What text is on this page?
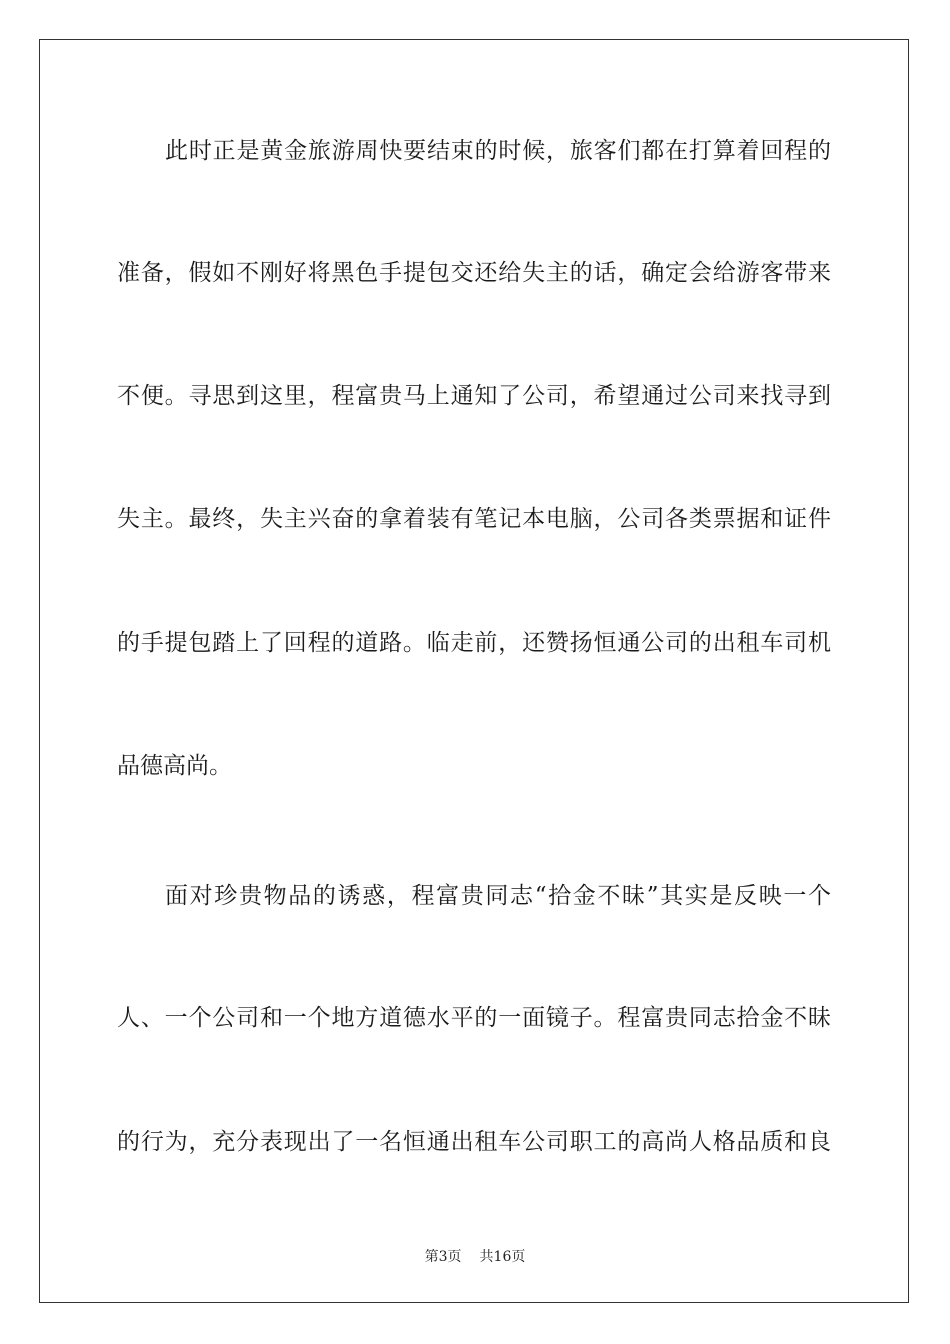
此时正是黄金旅游周快要结束的时候，旅客们都在打算着回程的
准备，假如不刚好将黑色手提包交还给失主的话，确定会给游客带来
不便。寻思到这里，程富贵马上通知了公司，希望通过公司来找寻到
失主。最终，失主兴奋的拿着装有笔记本电脑，公司各类票据和证件
的手提包踏上了回程的道路。临走前，还赞扬恒通公司的出租车司机
品德高尚。
面对珍贵物品的诱惑，程富贵同志“拾金不昧”其实是反映一个
人、一个公司和一个地方道德水平的一面镜子。程富贵同志拾金不昧
的行为，充分表现出了一名恒通出租车公司职工的高尚人格品质和良
第3页 共16页
